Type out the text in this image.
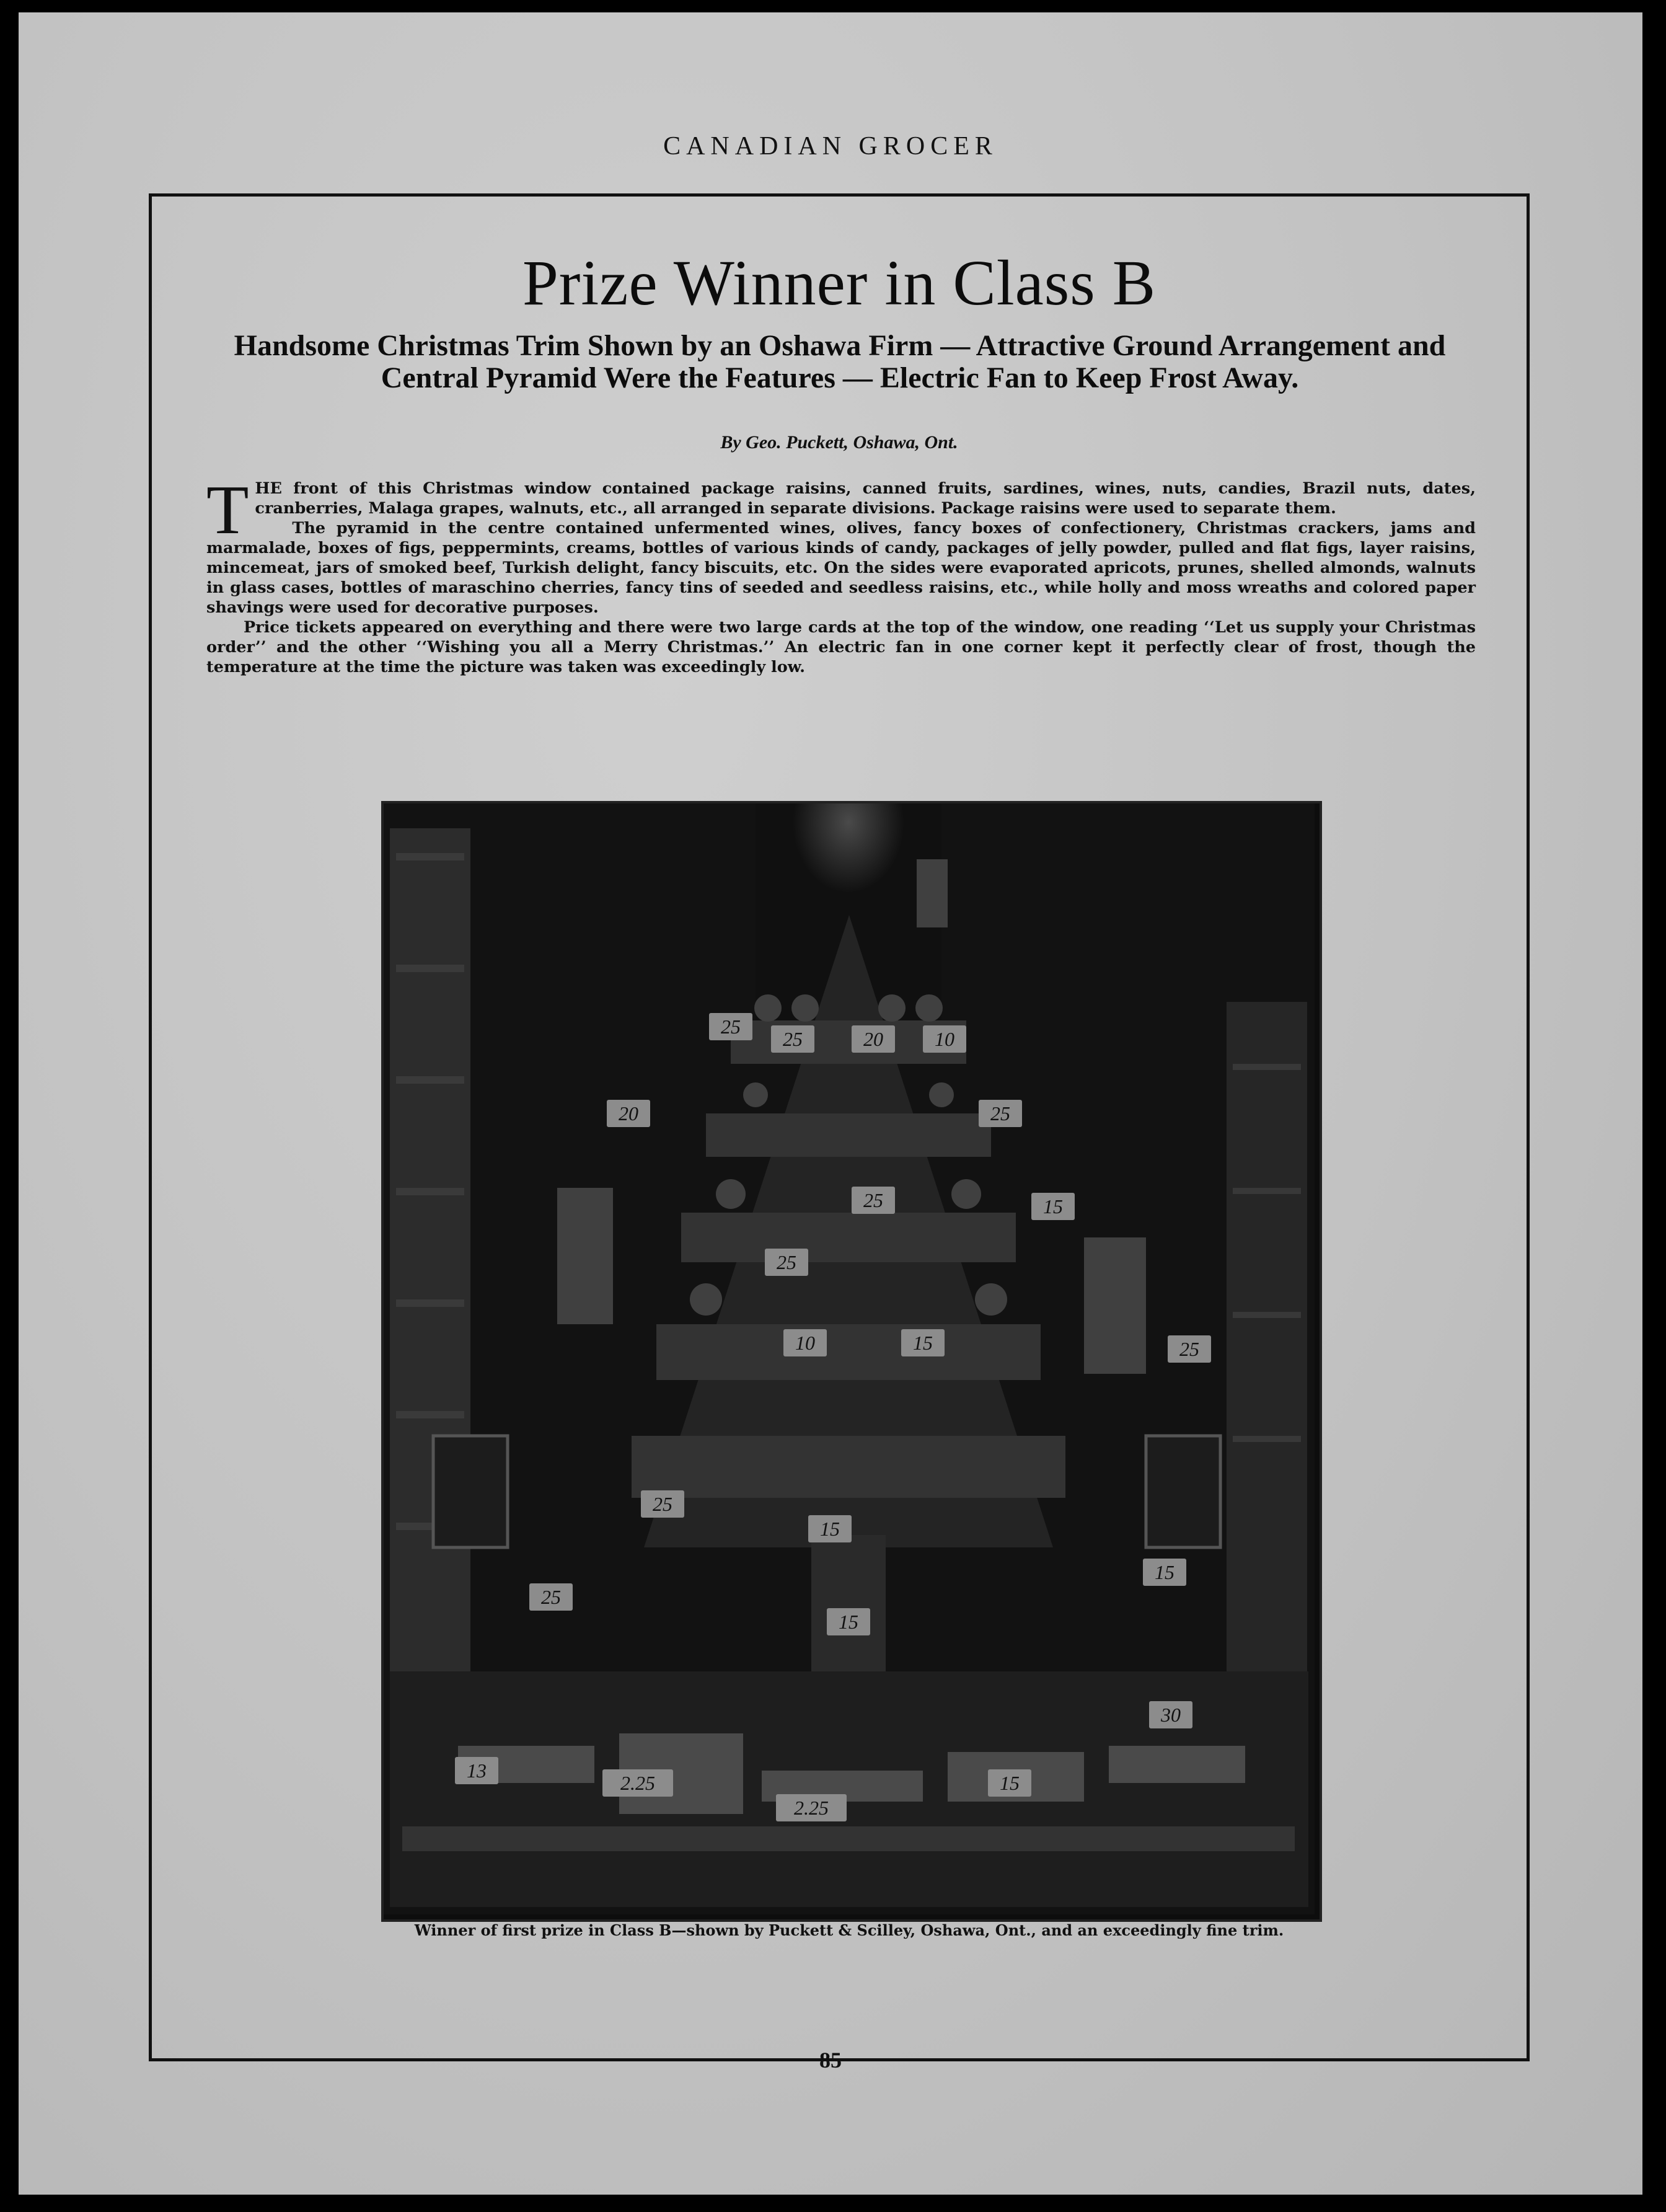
CANADIAN GROCER
Prize Winner in Class B
Handsome Christmas Trim Shown by an Oshawa Firm — Attractive Ground Arrangement and Central Pyramid Were the Features — Electric Fan to Keep Frost Away.
By Geo. Puckett, Oshawa, Ont.

THE front of this Christmas window contained package raisins, canned fruits, sardines, wines, nuts, candies, Brazil nuts, dates, cranberries, Malaga grapes, walnuts, etc., all arranged in separate divisions. Package raisins were used to separate them.

The pyramid in the centre contained unfermented wines, olives, fancy boxes of confectionery, Christmas crackers, jams and marmalade, boxes of figs, peppermints, creams, bottles of various kinds of candy, packages of jelly powder, pulled and flat figs, layer raisins, mincemeat, jars of smoked beef, Turkish delight, fancy biscuits, etc. On the sides were evaporated apricots, prunes, shelled almonds, walnuts in glass cases, bottles of maraschino cherries, fancy tins of seeded and seedless raisins, etc., while holly and moss wreaths and colored paper shavings were used for decorative purposes.

Price tickets appeared on everything and there were two large cards at the top of the window, one reading ‘‘Let us supply your Christmas order’’ and the other ‘‘Wishing you all a Merry Christmas.’’ An electric fan in one corner kept it perfectly clear of frost, though the temperature at the time the picture was taken was exceedingly low.

25
25	20	10
20	25
15
25
25
10	15	25
15
15
25
2.25
2.25
15
13
25
30
15
Winner of first prize in Class B—shown by Puckett & Scilley, Oshawa, Ont., and an exceedingly fine trim.
85
